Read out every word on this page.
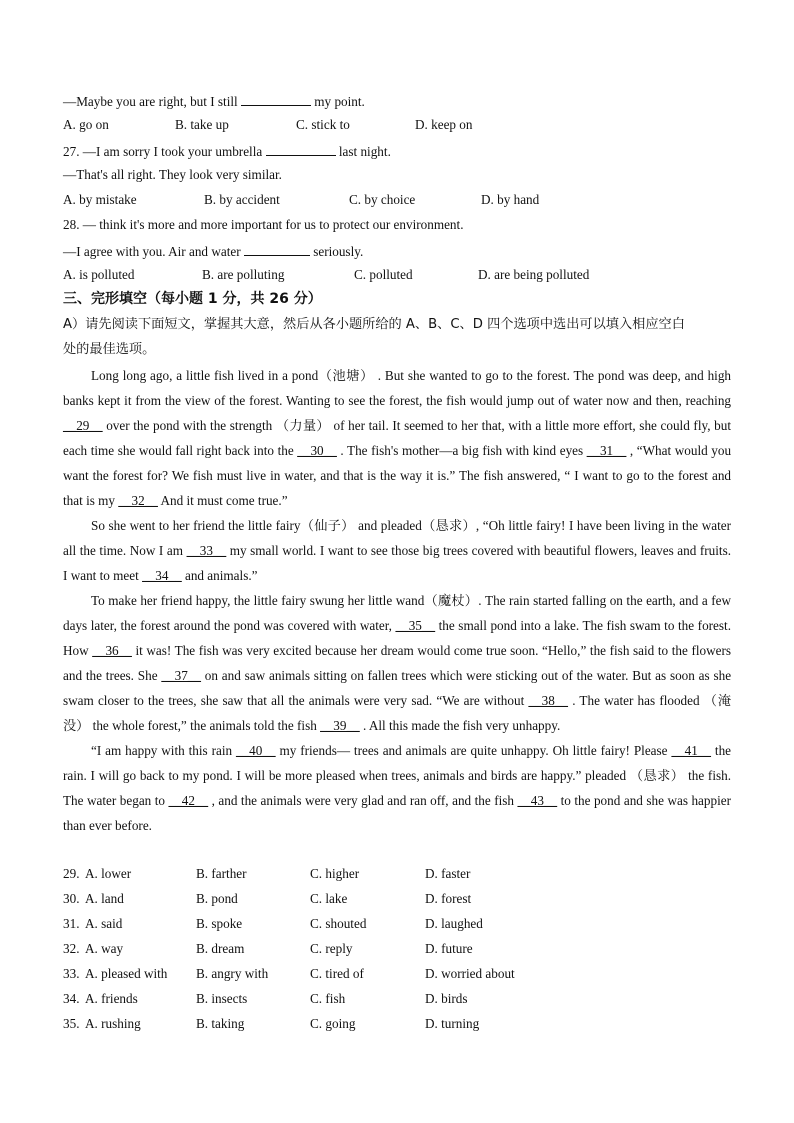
—Maybe you are right, but I still	my point.
A. go on	B. take up	C. stick to	D. keep on
27. —I am sorry I took your umbrella	last night.
—That's all right. They look very similar.
A. by mistake	B. by accident	C. by choice	D. by hand
28. — think it's more and more important for us to protect our environment.
—I agree with you. Air and water	seriously.
A. is polluted	B. are polluting	C. polluted	D. are being polluted
三、完形填空（每小题 1 分，共 26 分）
A）请先阅读下面短文，掌握其大意，然后从各小题所给的 A、B、C、D 四个选项中选出可以填入相应空白
处的最佳选项。

Long long ago, a little fish lived in a pond（池塘） . But she wanted to go to the forest. The pond was deep, and high banks kept it from the view of the forest. Wanting to see the forest, the fish would jump out of water now and then, reaching __29__ over the pond with the strength （力量） of her tail. It seemed to her that, with a little more effort, she could fly, but each time she would fall right back into the __30__ . The fish's mother—a big fish with kind eyes __31__ , “What would you want the forest for? We fish must live in water, and that is the way it is.” The fish answered, “ I want to go to the forest and that is my __32__ And it must come true.”

So she went to her friend the little fairy（仙子） and pleaded（恳求）, “Oh little fairy! I have been living in the water all the time. Now I am __33__ my small world. I want to see those big trees covered with beautiful flowers, leaves and fruits. I want to meet __34__ and animals.”

To make her friend happy, the little fairy swung her little wand（魔杖）. The rain started falling on the earth, and a few days later, the forest around the pond was covered with water, __35__ the small pond into a lake. The fish swam to the forest. How __36__ it was! The fish was very excited because her dream would come true soon. “Hello,” the fish said to the flowers and the trees. She __37__ on and saw animals sitting on fallen trees which were sticking out of the water. But as soon as she swam closer to the trees, she saw that all the animals were very sad. “We are without __38__ . The water has flooded （淹没） the whole forest,” the animals told the fish __39__ . All this made the fish very unhappy.

“I am happy with this rain __40__ my friends— trees and animals are quite unhappy. Oh little fairy! Please __41__ the rain. I will go back to my pond. I will be more pleased when trees, animals and birds are happy.” pleaded （恳求） the fish. The water began to __42__ , and the animals were very glad and ran off, and the fish __43__ to the pond and she was happier than ever before.

29. A. lower	B. farther	C. higher	D. faster
30. A. land	B. pond	C. lake	D. forest
31. A. said	B. spoke	C. shouted	D. laughed
32. A. way	B. dream	C. reply	D. future
33. A. pleased with B. angry with	C. tired of	D. worried about
34. A. friends	B. insects	C. fish	D. birds
35. A. rushing	B. taking	C. going	D. turning
